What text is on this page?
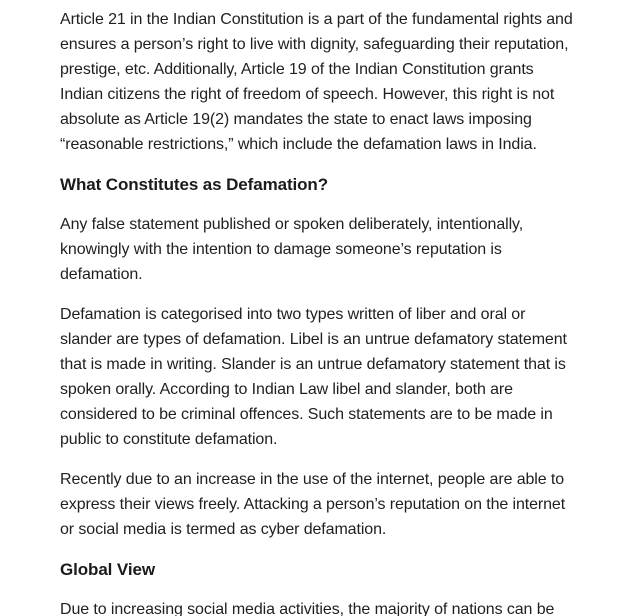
Article 21 in the Indian Constitution is a part of the fundamental rights and ensures a person’s right to live with dignity, safeguarding their reputation, prestige, etc. Additionally, Article 19 of the Indian Constitution grants Indian citizens the right of freedom of speech. However, this right is not absolute as Article 19(2) mandates the state to enact laws imposing “reasonable restrictions,” which include the defamation laws in India.

What Constitutes as Defamation?

Any false statement published or spoken deliberately, intentionally, knowingly with the intention to damage someone’s reputation is defamation.

Defamation is categorised into two types written of liber and oral or slander are types of defamation. Libel is an untrue defamatory statement that is made in writing. Slander is an untrue defamatory statement that is spoken orally. According to Indian Law libel and slander, both are considered to be criminal offences. Such statements are to be made in public to constitute defamation.

Recently due to an increase in the use of the internet, people are able to express their views freely. Attacking a person’s reputation on the internet or social media is termed as cyber defamation.

Global View

Due to increasing social media activities, the majority of nations can be
